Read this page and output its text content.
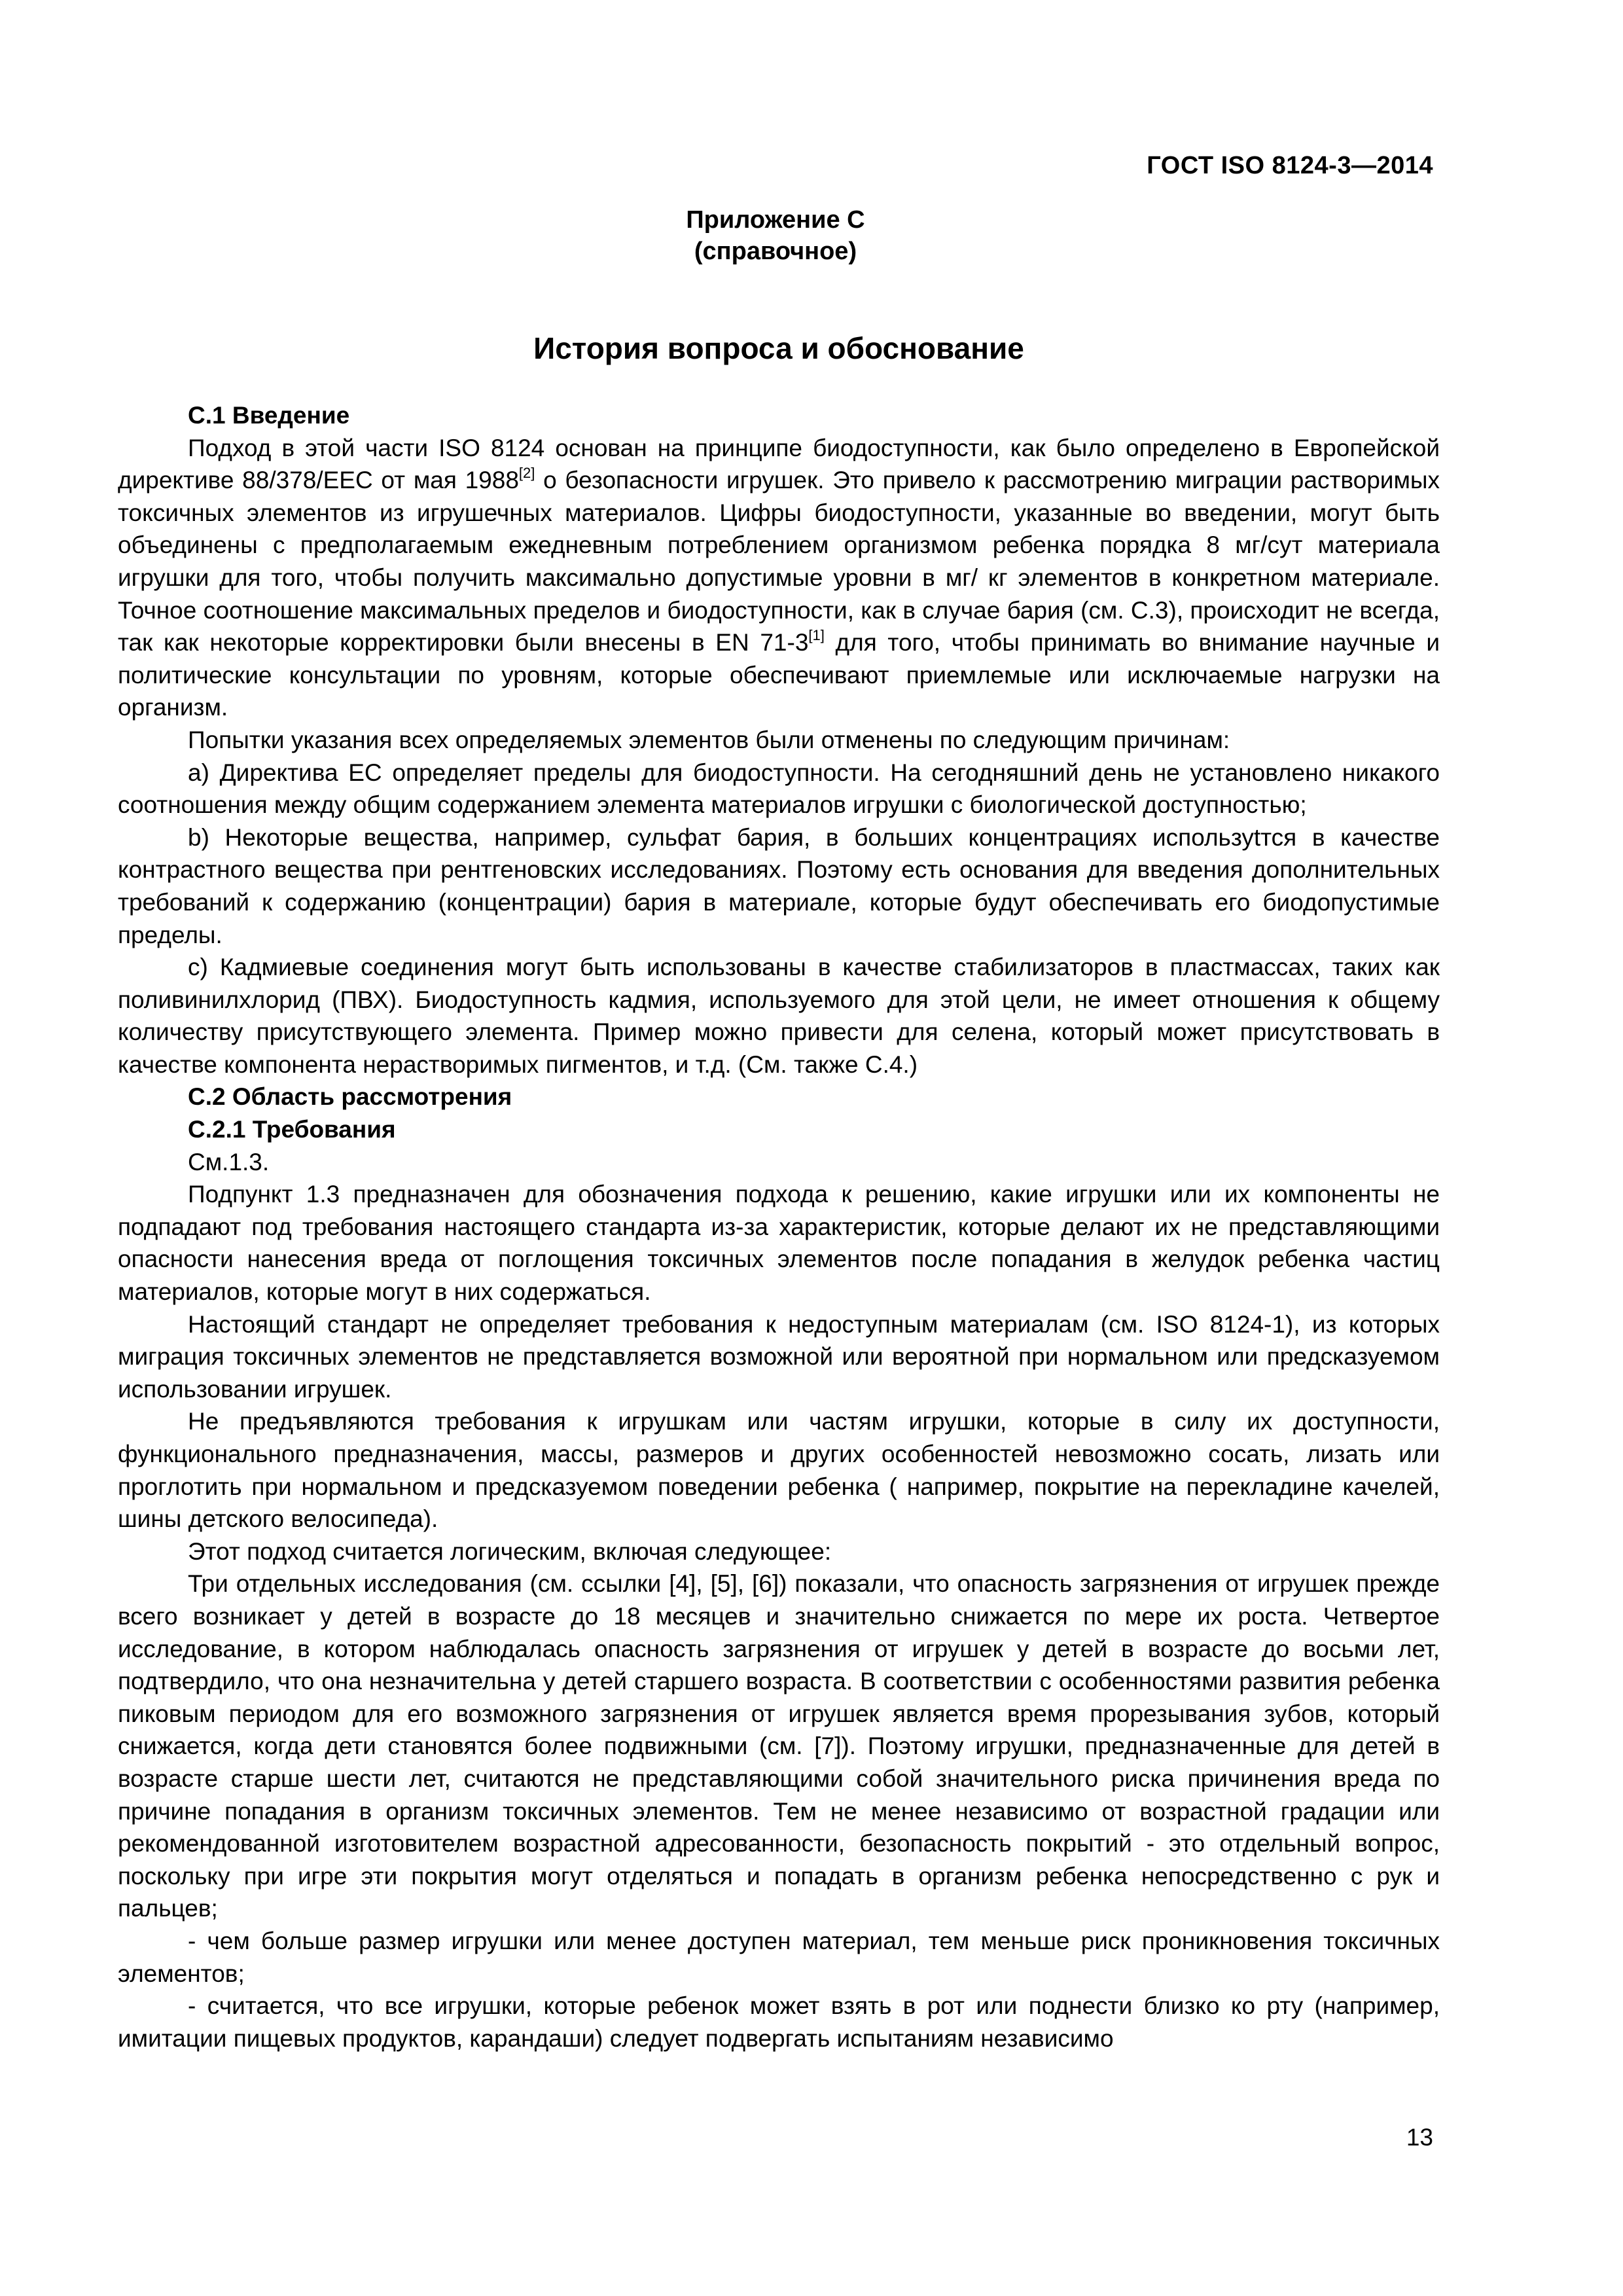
ГОСТ ISO 8124-3—2014
Приложение С
(справочное)
История вопроса и обоснование
C.1 Введение

Подход в этой части ISO 8124 основан на принципе биодоступности, как было определено в Европейской директиве 88/378/EEC от мая 1988[2] о безопасности игрушек. Это привело к рассмотрению миграции растворимых токсичных элементов из игрушечных материалов. Цифры биодоступности, указанные во введении, могут быть объединены с предполагаемым ежедневным потреблением организмом ребенка порядка 8 мг/сут материала игрушки для того, чтобы получить максимально допустимые уровни в мг/ кг элементов в конкретном материале. Точное соотношение максимальных пределов и биодоступности, как в случае бария (см. С.3), происходит не всегда, так как некоторые корректировки были внесены в EN 71-3[1] для того, чтобы принимать во внимание научные и политические консультации по уровням, которые обеспечивают приемлемые или исключаемые нагрузки на организм.

Попытки указания всех определяемых элементов были отменены по следующим причинам:

a) Директива ЕС определяет пределы для биодоступности. На сегодняшний день не установлено никакого соотношения между общим содержанием элемента материалов игрушки с биологической доступностью;

b) Некоторые вещества, например, сульфат бария, в больших концентрациях используtтся в качестве контрастного вещества при рентгеновских исследованиях. Поэтому есть основания для введения дополнительных требований к содержанию (концентрации) бария в материале, которые будут обеспечивать его биодопустимые пределы.

c) Кадмиевые соединения могут быть использованы в качестве стабилизаторов в пластмассах, таких как поливинилхлорид (ПВХ). Биодоступность кадмия, используемого для этой цели, не имеет отношения к общему количеству присутствующего элемента. Пример можно привести для селена, который может присутствовать в качестве компонента нерастворимых пигментов, и т.д. (См. также С.4.)

C.2 Область рассмотрения
C.2.1 Требования

См.1.3.

Подпункт 1.3 предназначен для обозначения подхода к решению, какие игрушки или их компоненты не подпадают под требования настоящего стандарта из-за характеристик, которые делают их не представляющими опасности нанесения вреда от поглощения токсичных элементов после попадания в желудок ребенка частиц материалов, которые могут в них содержаться.

Настоящий стандарт не определяет требования к недоступным материалам (см. ISO 8124-1), из которых миграция токсичных элементов не представляется возможной или вероятной при нормальном или предсказуемом использовании игрушек.

Не предъявляются требования к игрушкам или частям игрушки, которые в силу их доступности, функционального предназначения, массы, размеров и других особенностей невозможно сосать, лизать или проглотить при нормальном и предсказуемом поведении ребенка ( например, покрытие на перекладине качелей, шины детского велосипеда).

Этот подход считается логическим, включая следующее:

Три отдельных исследования (см. ссылки [4], [5], [6]) показали, что опасность загрязнения от игрушек прежде всего возникает у детей в возрасте до 18 месяцев и значительно снижается по мере их роста. Четвертое исследование, в котором наблюдалась опасность загрязнения от игрушек у детей в возрасте до восьми лет, подтвердило, что она незначительна у детей старшего возраста. В соответствии с особенностями развития ребенка пиковым периодом для его возможного загрязнения от игрушек является время прорезывания зубов, который снижается, когда дети становятся более подвижными (см. [7]). Поэтому игрушки, предназначенные для детей в возрасте старше шести лет, считаются не представляющими собой значительного риска причинения вреда по причине попадания в организм токсичных элементов. Тем не менее независимо от возрастной градации или рекомендованной изготовителем возрастной адресованности, безопасность покрытий - это отдельный вопрос, поскольку при игре эти покрытия могут отделяться и попадать в организм ребенка непосредственно с рук и пальцев;

- чем больше размер игрушки или менее доступен материал, тем меньше риск проникновения токсичных элементов;

- считается, что все игрушки, которые ребенок может взять в рот или поднести близко ко рту (например, имитации пищевых продуктов, карандаши) следует подвергать испытаниям независимо

13
